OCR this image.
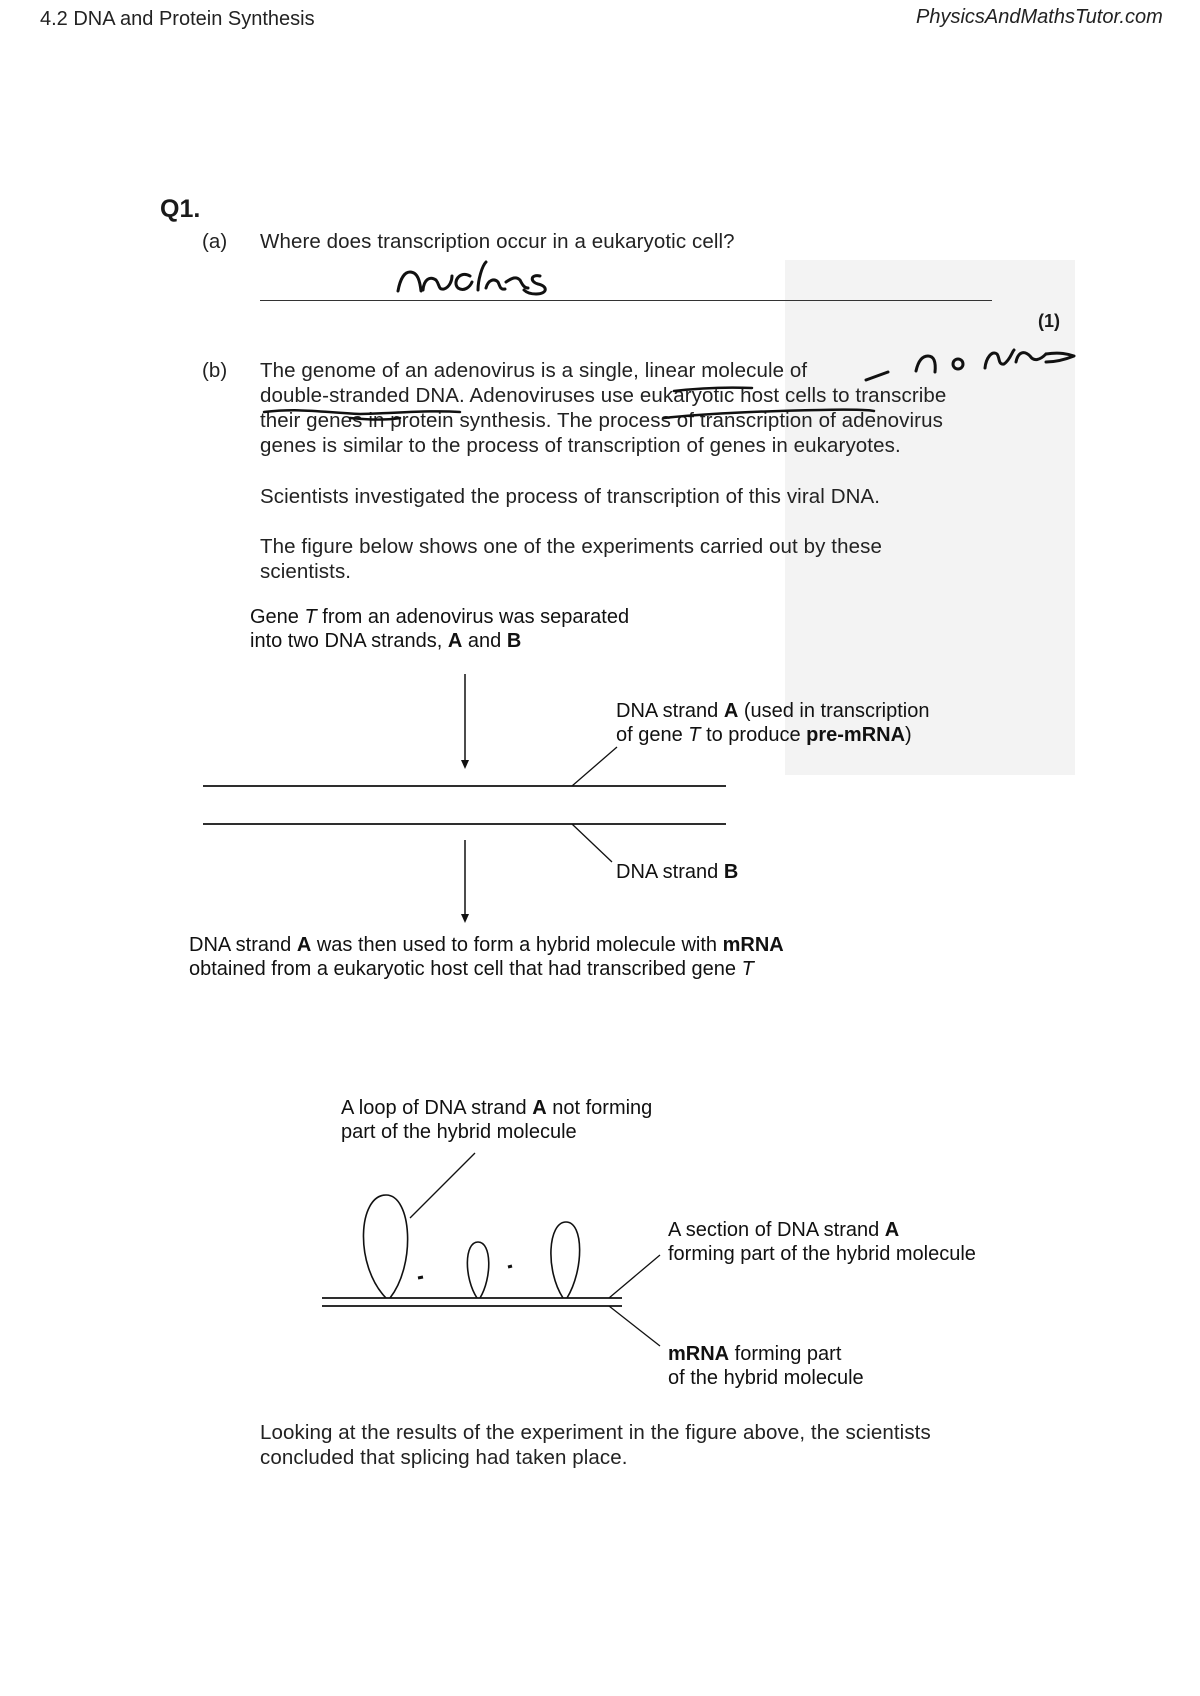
4.2 DNA and Protein Synthesis	PhysicsAndMathsTutor.com
Q1.
(a) Where does transcription occur in a eukaryotic cell?
(1)
(b) The genome of an adenovirus is a single, linear molecule of
double-stranded DNA. Adenoviruses use eukaryotic host cells to transcribe
their genes in protein synthesis. The process of transcription of adenovirus
genes is similar to the process of transcription of genes in eukaryotes.
Scientists investigated the process of transcription of this viral DNA.
The figure below shows one of the experiments carried out by these
scientists.
Gene T from an adenovirus was separated
into two DNA strands, A and B
DNA strand A (used in transcription
of gene T to produce pre-mRNA)
DNA strand B
DNA strand A was then used to form a hybrid molecule with mRNA
obtained from a eukaryotic host cell that had transcribed gene T
A loop of DNA strand A not forming
part of the hybrid molecule
A section of DNA strand A
forming part of the hybrid molecule
mRNA forming part
of the hybrid molecule
Looking at the results of the experiment in the figure above, the scientists
concluded that splicing had taken place.
